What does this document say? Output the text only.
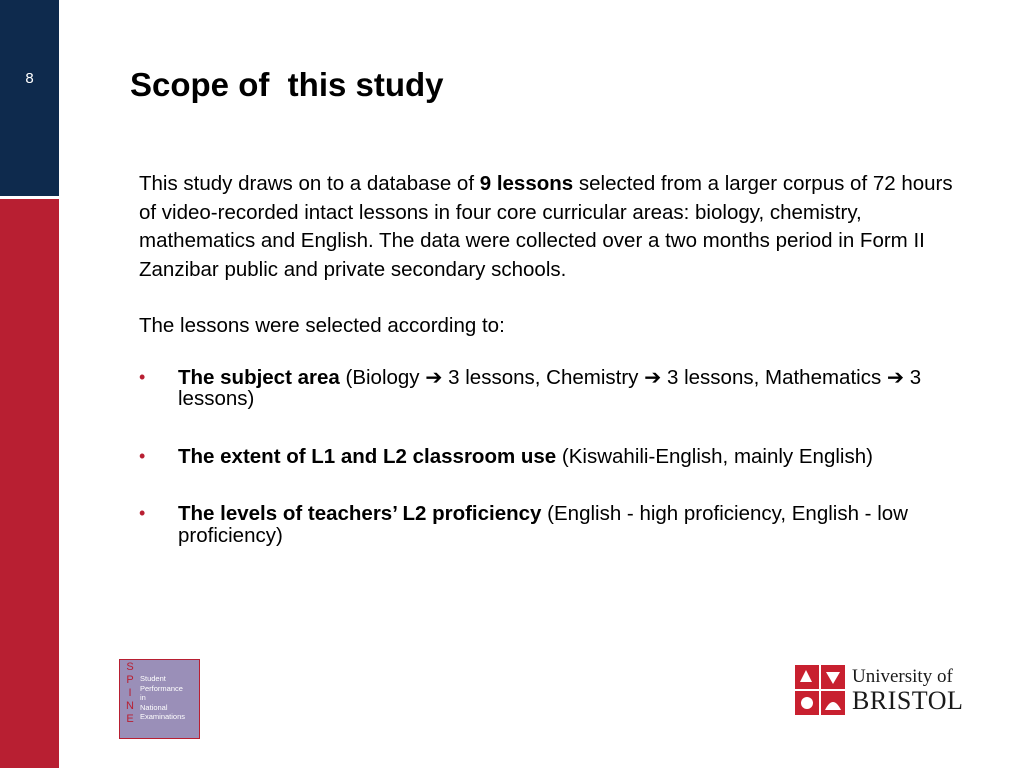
8	Scope of  this study

This study draws on to a database of 9 lessons selected from a larger corpus of 72 hours of video-recorded intact lessons in four core curricular areas: biology, chemistry, mathematics and English. The data were collected over a two months period in Form II Zanzibar public and private secondary schools.

The lessons were selected according to:

• The subject area (Biology ➔ 3 lessons, Chemistry ➔ 3 lessons, Mathematics ➔ 3 lessons)
• The extent of L1 and L2 classroom use (Kiswahili-English, mainly English)
• The levels of teachers’ L2 proficiency (English - high proficiency, English - low proficiency)
S
P
I
N
E
Student
Performance
in
National
Examinations
University of
BRISTOL
